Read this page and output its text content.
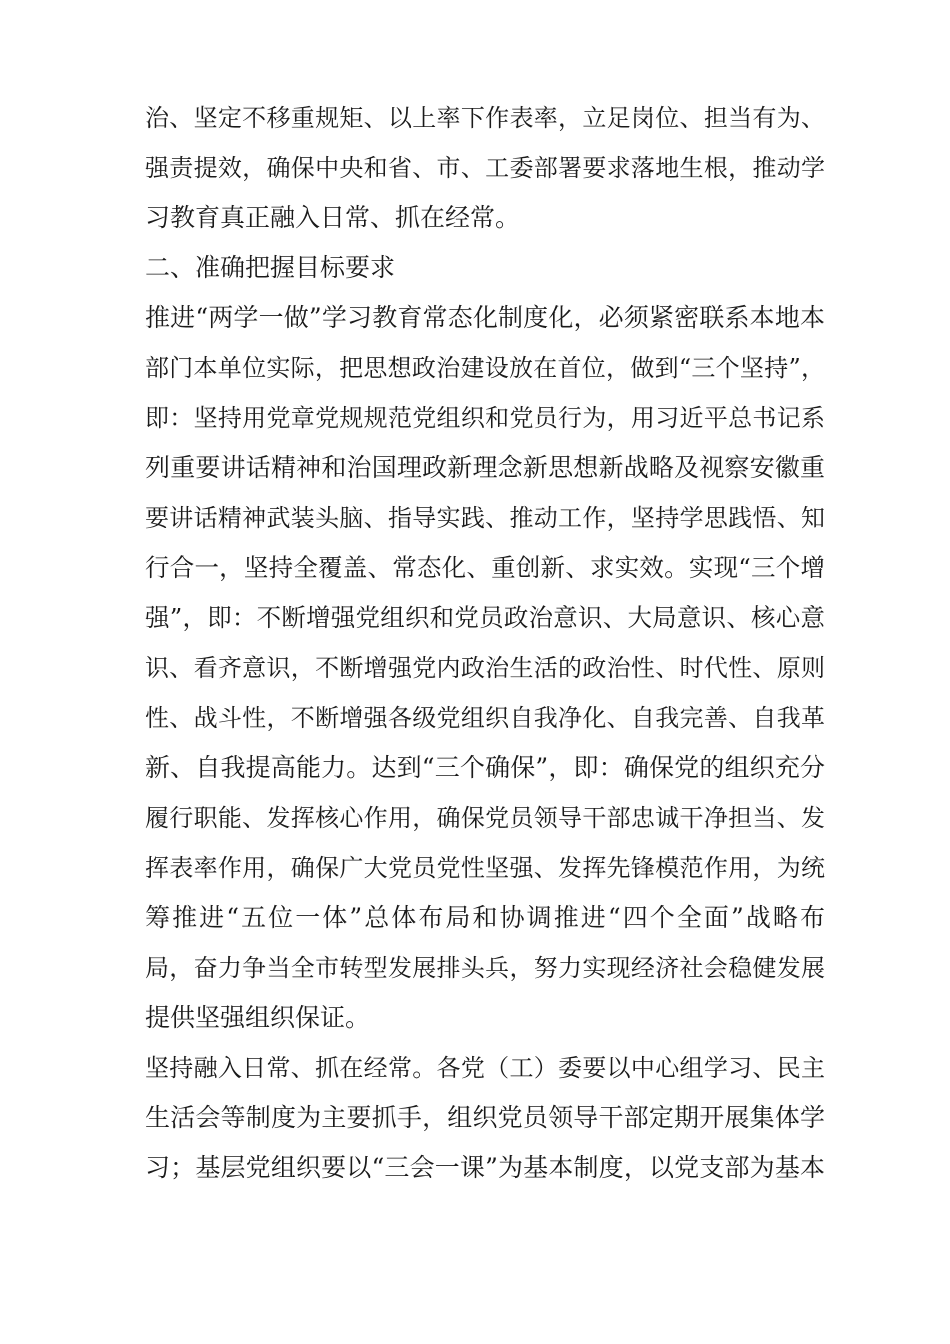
治、坚定不移重规矩、以上率下作表率，立足岗位、担当有为、
强责提效，确保中央和省、市、工委部署要求落地生根，推动学
习教育真正融入日常、抓在经常。
二、准确把握目标要求
推进“两学一做”学习教育常态化制度化，必须紧密联系本地本
部门本单位实际，把思想政治建设放在首位，做到“三个坚持”，
即：坚持用党章党规规范党组织和党员行为，用习近平总书记系
列重要讲话精神和治国理政新理念新思想新战略及视察安徽重
要讲话精神武装头脑、指导实践、推动工作，坚持学思践悟、知
行合一，坚持全覆盖、常态化、重创新、求实效。实现“三个增
强”，即：不断增强党组织和党员政治意识、大局意识、核心意
识、看齐意识，不断增强党内政治生活的政治性、时代性、原则
性、战斗性，不断增强各级党组织自我净化、自我完善、自我革
新、自我提高能力。达到“三个确保”，即：确保党的组织充分
履行职能、发挥核心作用，确保党员领导干部忠诚干净担当、发
挥表率作用，确保广大党员党性坚强、发挥先锋模范作用，为统
筹推进“五位一体”总体布局和协调推进“四个全面”战略布
局，奋力争当全市转型发展排头兵，努力实现经济社会稳健发展
提供坚强组织保证。
坚持融入日常、抓在经常。各党（工）委要以中心组学习、民主
生活会等制度为主要抓手，组织党员领导干部定期开展集体学
习；基层党组织要以“三会一课”为基本制度，以党支部为基本
